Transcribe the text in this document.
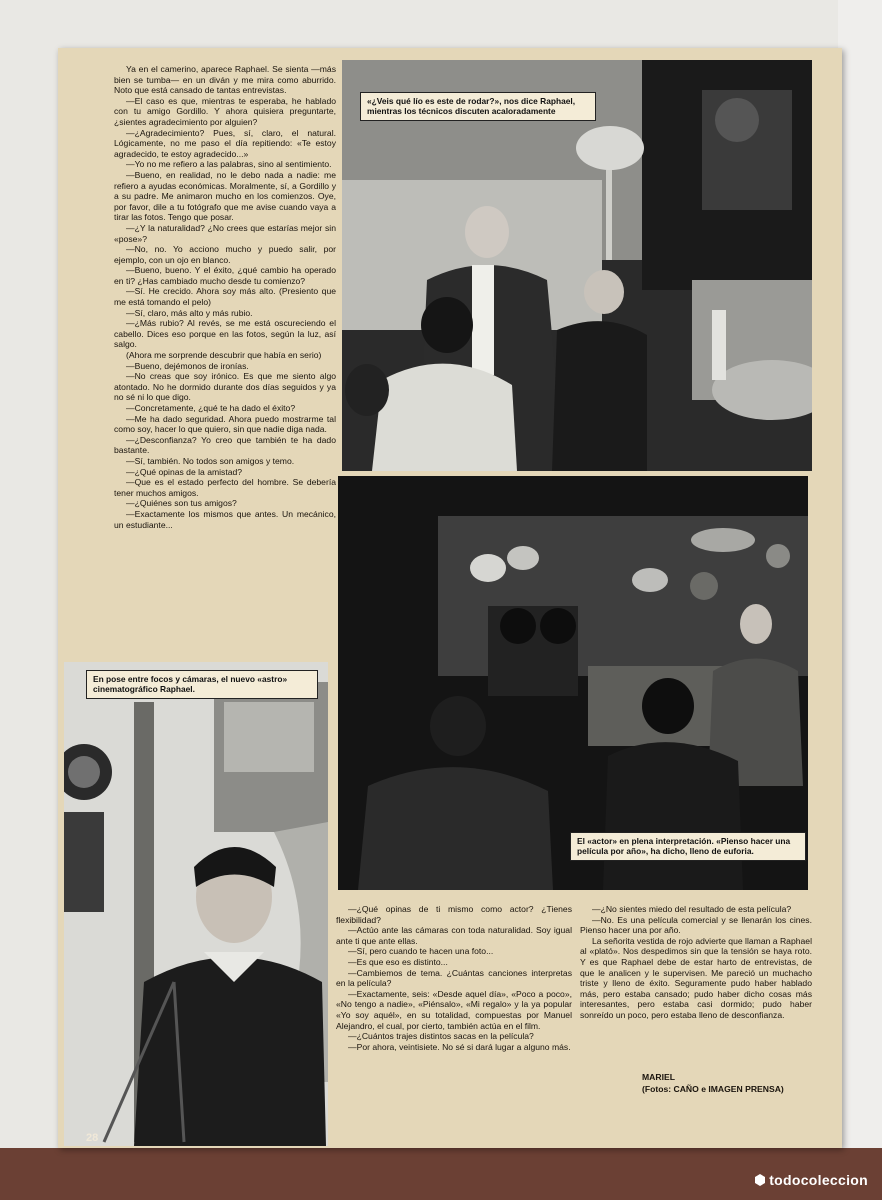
Ya en el camerino, aparece Raphael. Se sienta —más bien se tumba— en un diván y me mira como aburrido. Noto que está cansado de tantas entrevistas.

—El caso es que, mientras te esperaba, he hablado con tu amigo Gordillo. Y ahora quisiera preguntarte, ¿sientes agradecimiento por alguien?

—¿Agradecimiento? Pues, sí, claro, el natural. Lógicamente, no me paso el día repitiendo: «Te estoy agradecido, te estoy agradecido...»

—Yo no me refiero a las palabras, sino al sentimiento.

—Bueno, en realidad, no le debo nada a nadie: me refiero a ayudas económicas. Moralmente, sí, a Gordillo y a su padre. Me animaron mucho en los comienzos. Oye, por favor, dile a tu fotógrafo que me avise cuando vaya a tirar las fotos. Tengo que posar.

—¿Y la naturalidad? ¿No crees que estarías mejor sin «pose»?

—No, no. Yo acciono mucho y puedo salir, por ejemplo, con un ojo en blanco.

—Bueno, bueno. Y el éxito, ¿qué cambio ha operado en ti? ¿Has cambiado mucho desde tu comienzo?

—Sí. He crecido. Ahora soy más alto. (Presiento que me está tomando el pelo)

—Sí, claro, más alto y más rubio.

—¿Más rubio? Al revés, se me está oscureciendo el cabello. Dices eso porque en las fotos, según la luz, así salgo.

(Ahora me sorprende descubrir que había en serio)

—Bueno, dejémonos de ironías.

—No creas que soy irónico. Es que me siento algo atontado. No he dormido durante dos días seguidos y ya no sé ni lo que digo.

—Concretamente, ¿qué te ha dado el éxito?

—Me ha dado seguridad. Ahora puedo mostrarme tal como soy, hacer lo que quiero, sin que nadie diga nada.

—¿Desconfianza? Yo creo que también te ha dado bastante.

—Sí, también. No todos son amigos y temo.

—¿Qué opinas de la amistad?

—Que es el estado perfecto del hombre. Se debería tener muchos amigos.

—¿Quiénes son tus amigos?

—Exactamente los mismos que antes. Un mecánico, un estudiante...

«¿Veis qué lío es este de rodar?», nos dice Raphael, mientras los técnicos discuten acaloradamente
El «actor» en plena interpretación. «Pienso hacer una película por año», ha dicho, lleno de euforia.
En pose entre focos y cámaras, el nuevo «astro» cinematográfico Raphael.
28

—¿Qué opinas de ti mismo como actor? ¿Tienes flexibilidad?

—Actúo ante las cámaras con toda naturalidad. Soy igual ante ti que ante ellas.

—Sí, pero cuando te hacen una foto...

—Es que eso es distinto...

—Cambiemos de tema. ¿Cuántas canciones interpretas en la película?

—Exactamente, seis: «Desde aquel día», «Poco a poco», «No tengo a nadie», «Piénsalo», «Mi regalo» y la ya popular «Yo soy aquél», en su totalidad, compuestas por Manuel Alejandro, el cual, por cierto, también actúa en el film.

—¿Cuántos trajes distintos sacas en la película?

—Por ahora, veintisiete. No sé si dará lugar a alguno más.

—¿No sientes miedo del resultado de esta película?

—No. Es una película comercial y se llenarán los cines. Pienso hacer una por año.

La señorita vestida de rojo advierte que llaman a Raphael al «plató». Nos despedimos sin que la tensión se haya roto. Y es que Raphael debe de estar harto de entrevistas, de que le analicen y le supervisen. Me pareció un muchacho triste y lleno de éxito. Seguramente pudo haber hablado más, pero estaba cansado; pudo haber dicho cosas más interesantes, pero estaba casi dormido; pudo haber sonreído un poco, pero estaba lleno de desconfianza.

MARIEL
(Fotos: CAÑO e IMAGEN PRENSA)
todocoleccion
